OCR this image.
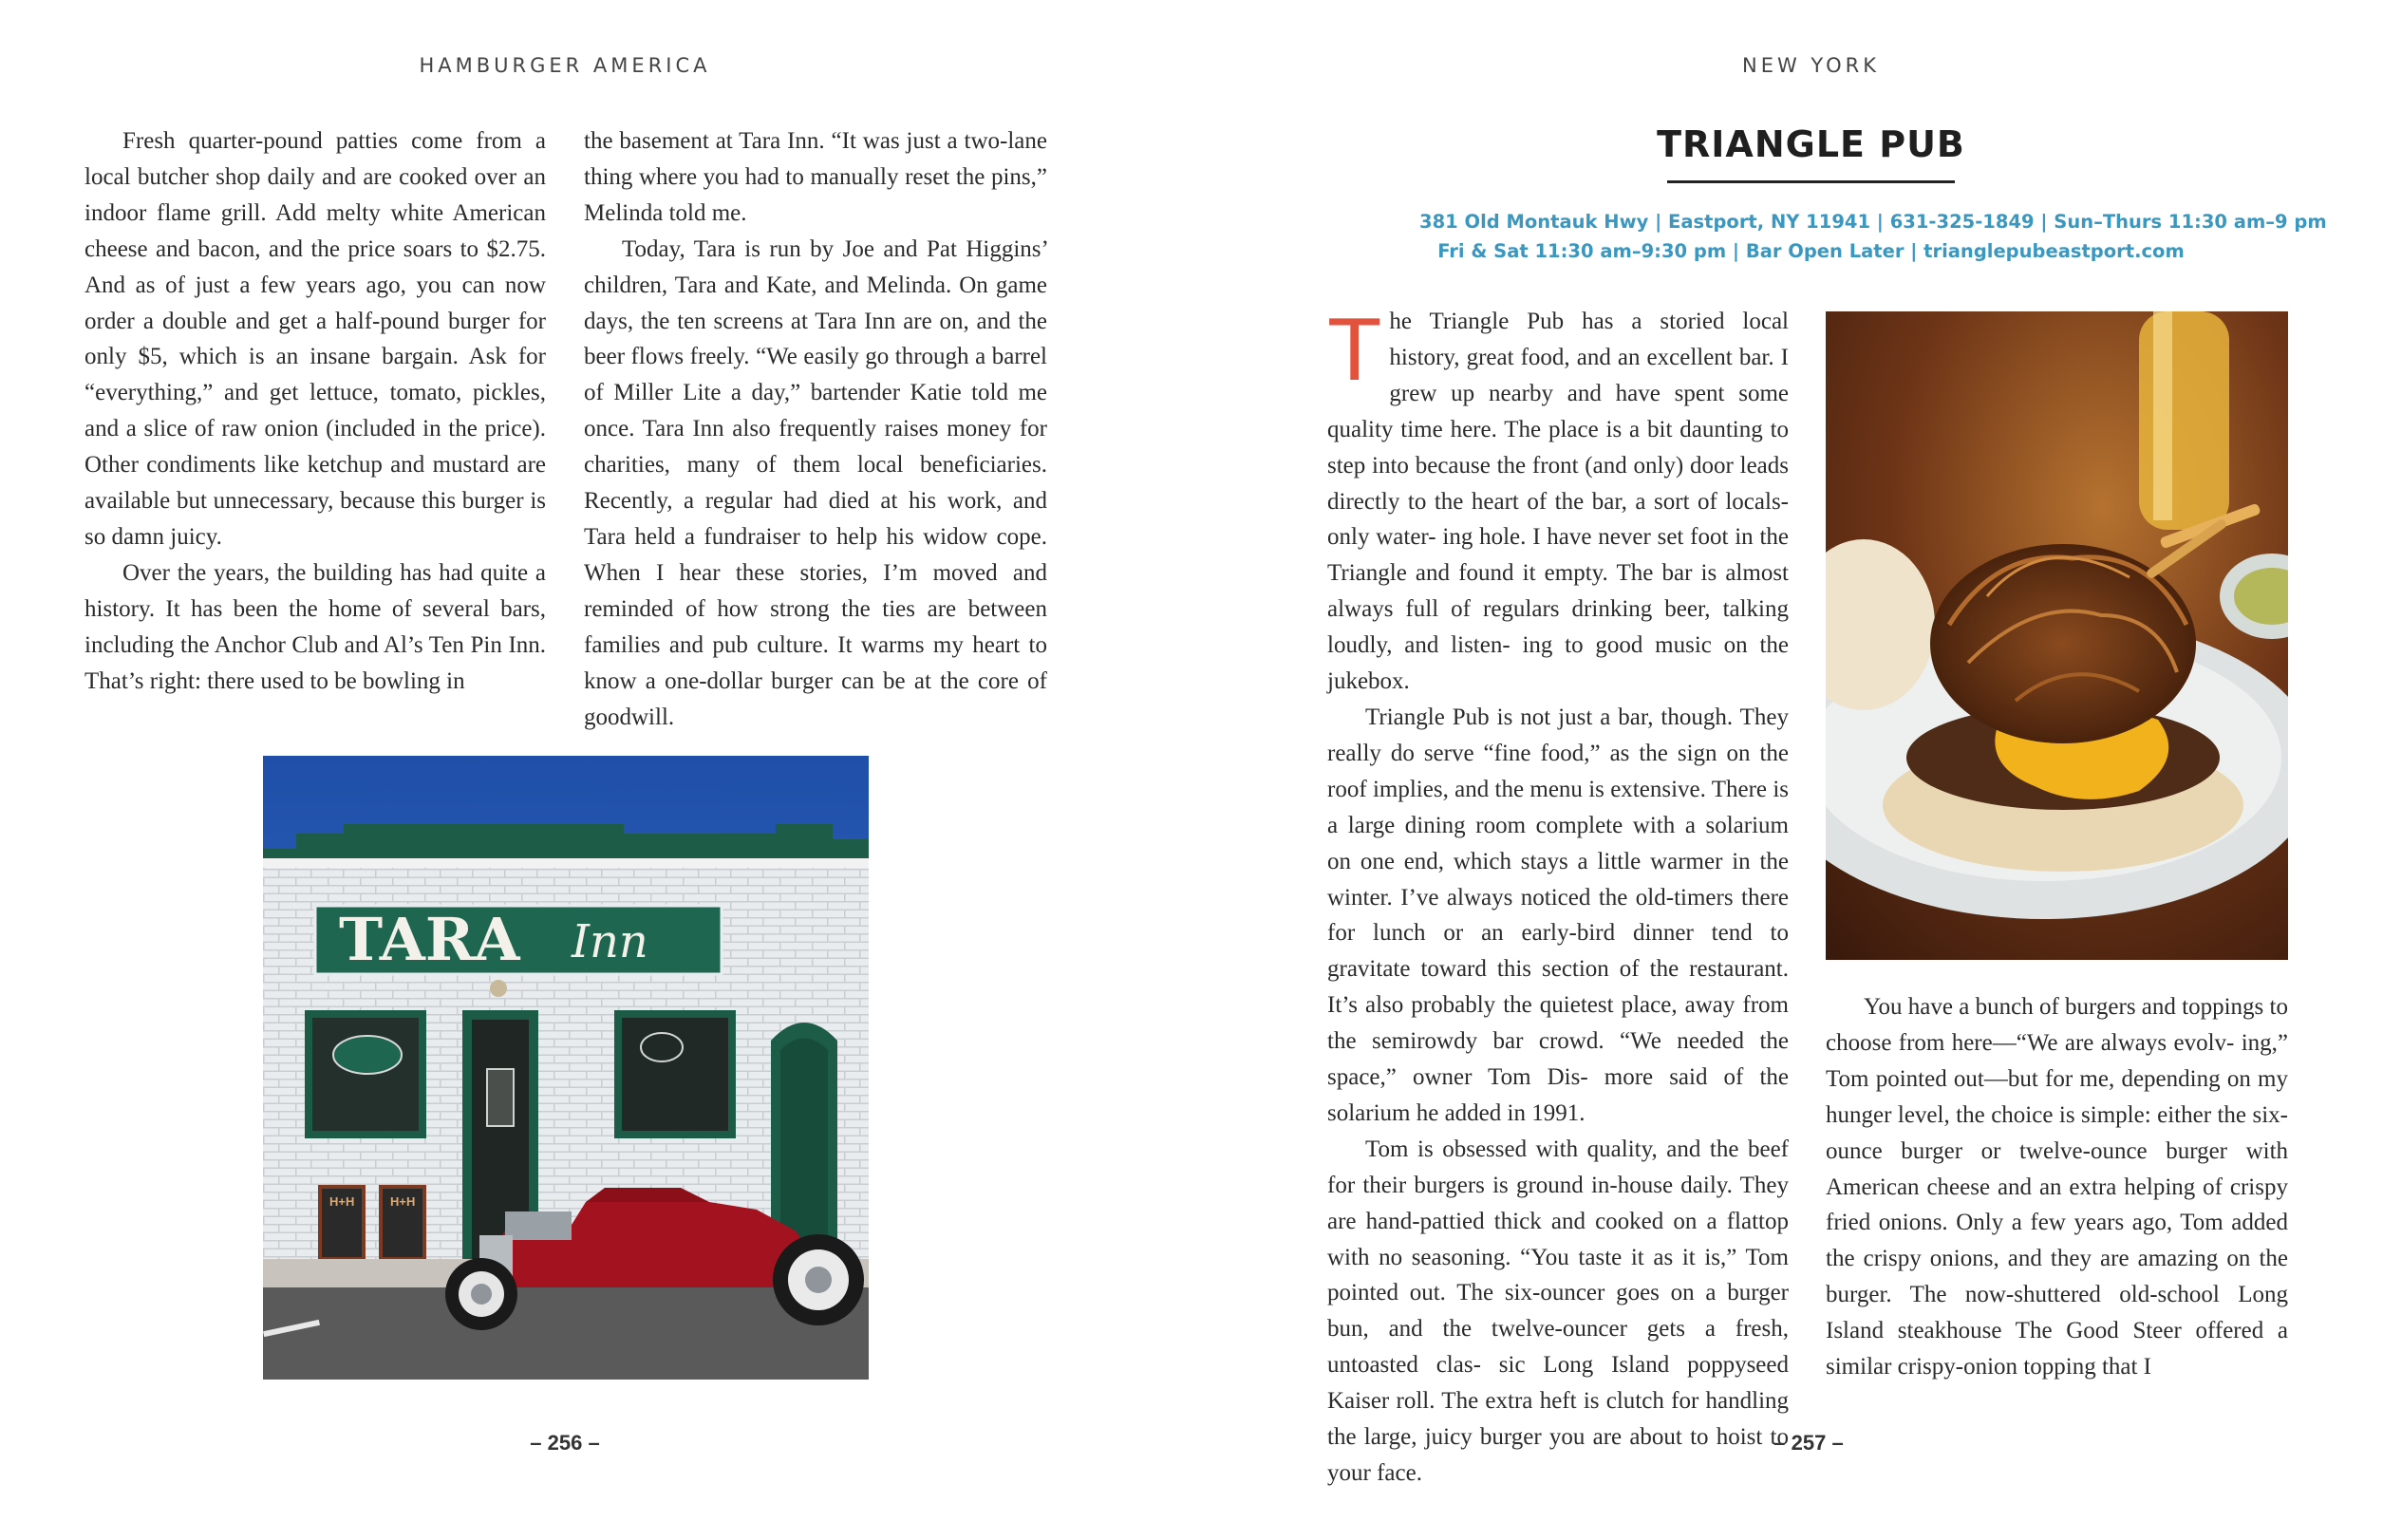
HAMBURGER AMERICA

Fresh quarter-pound patties come from a local butcher shop daily and are cooked over an indoor flame grill. Add melty white American cheese and bacon, and the price soars to $2.75. And as of just a few years ago, you can now order a double and get a half-pound burger for only $5, which is an insane bargain. Ask for “everything,” and get lettuce, tomato, pickles, and a slice of raw onion (included in the price). Other condiments like ketchup and mustard are available but unnecessary, because this burger is so damn juicy.

Over the years, the building has had quite a history. It has been the home of several bars, including the Anchor Club and Al’s Ten Pin Inn. That’s right: there used to be bowling in

the basement at Tara Inn. “It was just a two-lane thing where you had to manually reset the pins,” Melinda told me.

Today, Tara is run by Joe and Pat Higgins’ children, Tara and Kate, and Melinda. On game days, the ten screens at Tara Inn are on, and the beer flows freely. “We easily go through a barrel of Miller Lite a day,” bartender Katie told me once. Tara Inn also frequently raises money for charities, many of them local beneficiaries. Recently, a regular had died at his work, and Tara held a fundraiser to help his widow cope. When I hear these stories, I’m moved and reminded of how strong the ties are between families and pub culture. It warms my heart to know a one-dollar burger can be at the core of goodwill.

TARA Inn
H+H	H+H
– 256 –
NEW YORK
TRIANGLE PUB
381 Old Montauk Hwy | Eastport, NY 11941 | 631-325-1849 | Sun–Thurs 11:30 am–9 pm
Fri & Sat 11:30 am–9:30 pm | Bar Open Later | trianglepubeastport.com

The Triangle Pub has a storied local history, great food, and an excellent bar. I grew up nearby and have spent some quality time here. The place is a bit daunting to step into because the front (and only) door leads directly to the heart of the bar, a sort of locals-only water- ing hole. I have never set foot in the Triangle and found it empty. The bar is almost always full of regulars drinking beer, talking loudly, and listen- ing to good music on the jukebox.

Triangle Pub is not just a bar, though. They really do serve “fine food,” as the sign on the roof implies, and the menu is extensive. There is a large dining room complete with a solarium on one end, which stays a little warmer in the winter. I’ve always noticed the old-timers there for lunch or an early-bird dinner tend to gravitate toward this section of the restaurant. It’s also probably the quietest place, away from the semirowdy bar crowd. “We needed the space,” owner Tom Dis- more said of the solarium he added in 1991.

Tom is obsessed with quality, and the beef for their burgers is ground in-house daily. They are hand-pattied thick and cooked on a flattop with no seasoning. “You taste it as it is,” Tom pointed out. The six-ouncer goes on a burger bun, and the twelve-ouncer gets a fresh, untoasted clas- sic Long Island poppyseed Kaiser roll. The extra heft is clutch for handling the large, juicy burger you are about to hoist to your face.

You have a bunch of burgers and toppings to choose from here—“We are always evolv- ing,” Tom pointed out—but for me, depending on my hunger level, the choice is simple: either the six-ounce burger or twelve-ounce burger with American cheese and an extra helping of crispy fried onions. Only a few years ago, Tom added the crispy onions, and they are amazing on the burger. The now-shuttered old-school Long Island steakhouse The Good Steer offered a similar crispy-onion topping that I

– 257 –
